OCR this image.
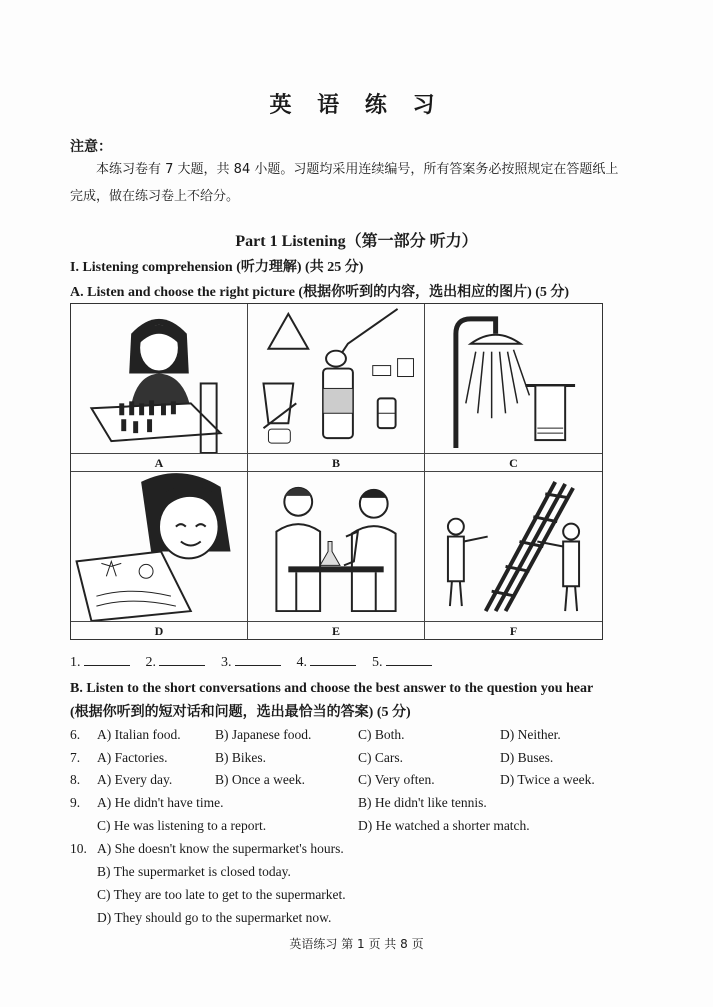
英 语 练 习
注意：
本练习卷有 7 大题，共 84 小题。习题均采用连续编号，所有答案务必按照规定在答题纸上完成，做在练习卷上不给分。
Part 1 Listening（第一部分 听力）
I. Listening comprehension (听力理解) (共 25 分)
A. Listen and choose the right picture (根据你听到的内容，选出相应的图片) (5 分)
A	B	C
D	E	F
1.	2.	3.	4.	5.
B. Listen to the short conversations and choose the best answer to the question you hear (根据你听到的短对话和问题，选出最恰当的答案) (5 分)
6. A) Italian food.	B) Japanese food.	C) Both.	D) Neither.
7. A) Factories.	B) Bikes.	C) Cars.	D) Buses.
8. A) Every day.	B) Once a week.	C) Very often.	D) Twice a week.
9. A) He didn't have time.	B) He didn't like tennis.
C) He was listening to a report.	D) He watched a shorter match.
10. A) She doesn't know the supermarket's hours.
B) The supermarket is closed today.
C) They are too late to get to the supermarket.
D) They should go to the supermarket now.
英语练习 第 1 页 共 8 页
